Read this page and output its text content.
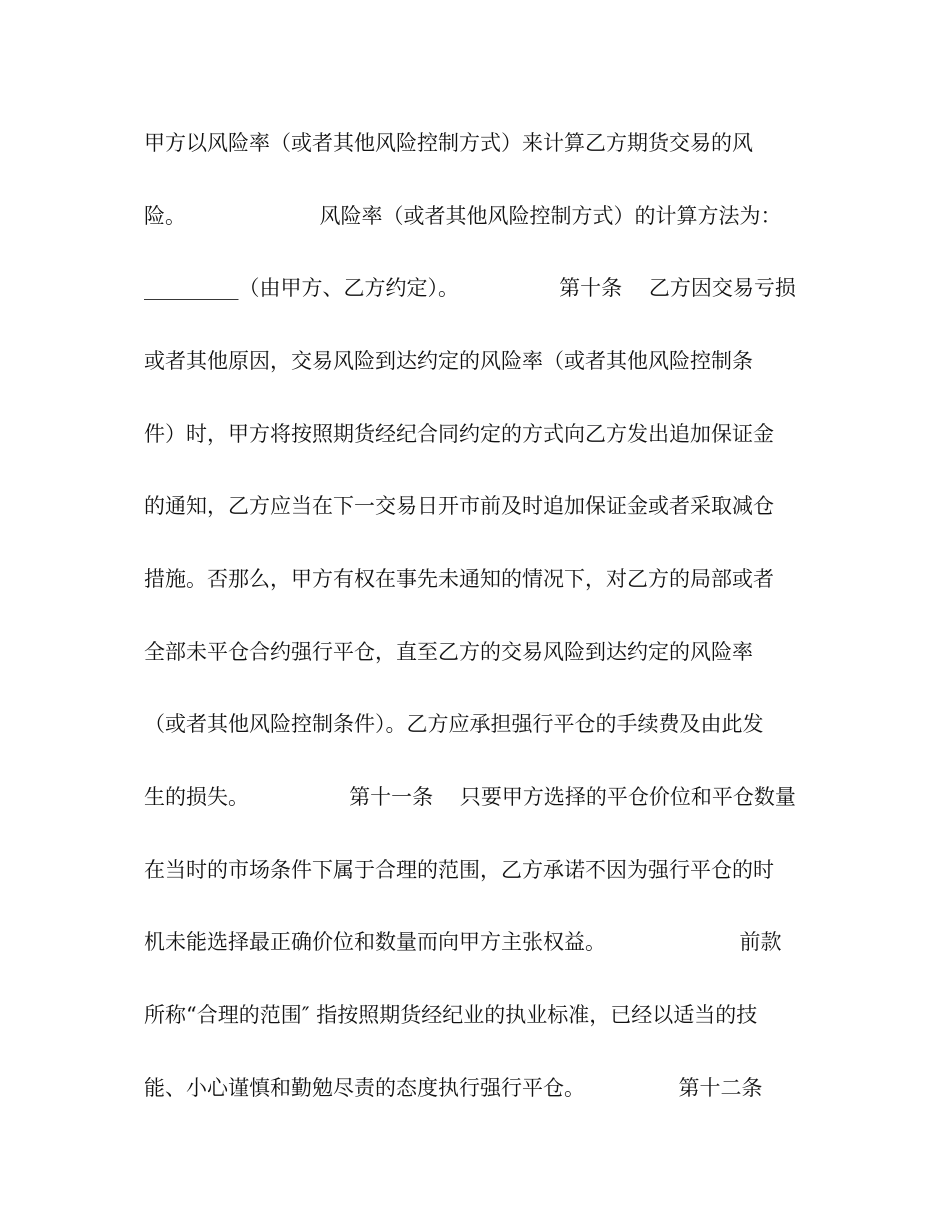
甲方以风险率（或者其他风险控制方式）来计算乙方期货交易的风
险。                    风险率（或者其他风险控制方式）的计算方法为：
_________（由甲方、乙方约定）。               第十条    乙方因交易亏损
或者其他原因，交易风险到达约定的风险率（或者其他风险控制条
件）时，甲方将按照期货经纪合同约定的方式向乙方发出追加保证金
的通知，乙方应当在下一交易日开市前及时追加保证金或者采取减仓
措施。否那么，甲方有权在事先未通知的情况下，对乙方的局部或者
全部未平仓合约强行平仓，直至乙方的交易风险到达约定的风险率
（或者其他风险控制条件）。乙方应承担强行平仓的手续费及由此发
生的损失。               第十一条    只要甲方选择的平仓价位和平仓数量
在当时的市场条件下属于合理的范围，乙方承诺不因为强行平仓的时
机未能选择最正确价位和数量而向甲方主张权益。                    前款
所称“合理的范围″ 指按照期货经纪业的执业标准，已经以适当的技
能、小心谨慎和勤勉尽责的态度执行强行平仓。              第十二条
